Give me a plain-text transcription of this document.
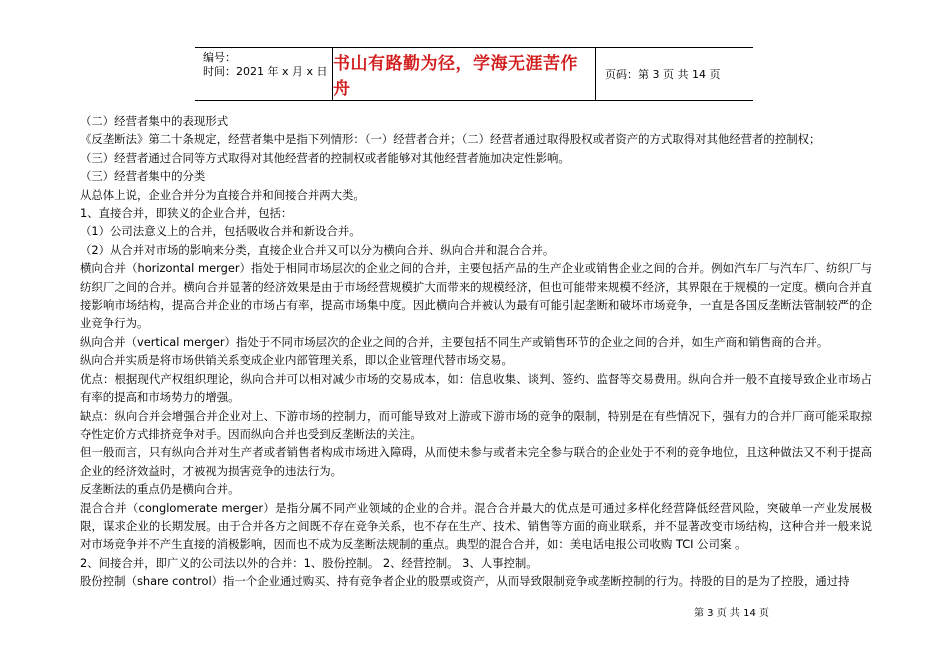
编号：
时间：2021 年 x 月 x 日 书山有路勤为径，学海无涯苦作舟
页码：第 3 页 共 14 页

（二）经营者集中的表现形式

《反垄断法》第二十条规定，经营者集中是指下列情形：（一）经营者合并；（二）经营者通过取得股权或者资产的方式取得对其他经营者的控制权；

（三）经营者通过合同等方式取得对其他经营者的控制权或者能够对其他经营者施加决定性影响。

（三）经营者集中的分类

从总体上说，企业合并分为直接合并和间接合并两大类。

1、直接合并，即狭义的企业合并，包括：

（1）公司法意义上的合并，包括吸收合并和新设合并。

（2）从合并对市场的影响来分类，直接企业合并又可以分为横向合并、纵向合并和混合合并。

横向合并（horizontal merger）指处于相同市场层次的企业之间的合并，主要包括产品的生产企业或销售企业之间的合并。例如汽车厂与汽车厂、纺织厂与纺织厂之间的合并。横向合并显著的经济效果是由于市场经营规模扩大而带来的规模经济，但也可能带来规模不经济，其界限在于规模的一定度。横向合并直接影响市场结构，提高合并企业的市场占有率，提高市场集中度。因此横向合并被认为最有可能引起垄断和破坏市场竞争，一直是各国反垄断法管制较严的企业竞争行为。

纵向合并（vertical merger）指处于不同市场层次的企业之间的合并，主要包括不同生产或销售环节的企业之间的合并，如生产商和销售商的合并。

纵向合并实质是将市场供销关系变成企业内部管理关系，即以企业管理代替市场交易。

优点：根据现代产权组织理论，纵向合并可以相对减少市场的交易成本，如：信息收集、谈判、签约、监督等交易费用。纵向合并一般不直接导致企业市场占有率的提高和市场势力的增强。

缺点：纵向合并会增强合并企业对上、下游市场的控制力，而可能导致对上游或下游市场的竞争的限制，特别是在有些情况下，强有力的合并厂商可能采取掠夺性定价方式排挤竞争对手。因而纵向合并也受到反垄断法的关注。

但一般而言，只有纵向合并对生产者或者销售者构成市场进入障碍，从而使未参与或者未完全参与联合的企业处于不利的竞争地位，且这种做法又不利于提高企业的经济效益时，才被视为损害竞争的违法行为。

反垄断法的重点仍是横向合并。

混合合并（conglomerate merger）是指分属不同产业领域的企业的合并。混合合并最大的优点是可通过多样化经营降低经营风险，突破单一产业发展极限，谋求企业的长期发展。由于合并各方之间既不存在竞争关系，也不存在生产、技术、销售等方面的商业联系，并不显著改变市场结构，这种合并一般来说对市场竞争并不产生直接的消极影响，因而也不成为反垄断法规制的重点。典型的混合合并，如：美电话电报公司收购 TCI 公司案 。

2、间接合并，即广义的公司法以外的合并：1、股份控制。 2、经营控制。 3、人事控制。

股份控制（share control）指一个企业通过购买、持有竞争者企业的股票或资产，从而导致限制竞争或垄断控制的行为。持股的目的是为了控股，通过持

第 3 页 共 14 页
